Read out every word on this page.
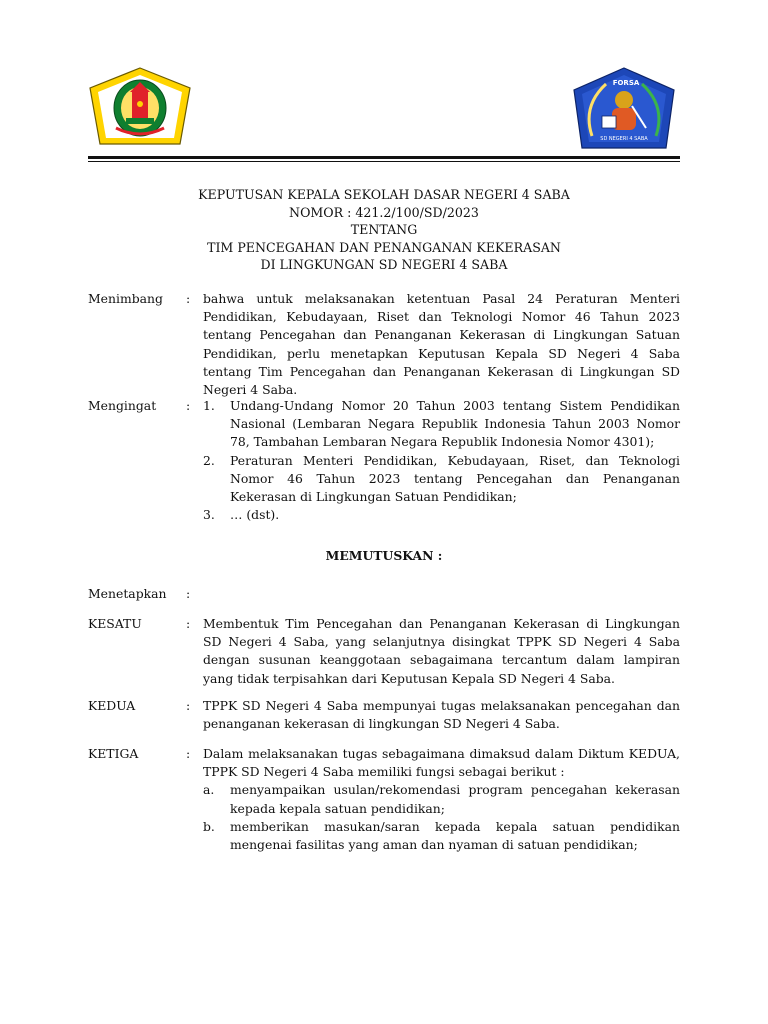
FORSA
SD NEGERI 4 SABA
KEPUTUSAN KEPALA SEKOLAH DASAR NEGERI 4 SABA
NOMOR : 421.2/100/SD/2023
TENTANG
TIM PENCEGAHAN DAN PENANGANAN KEKERASAN
DI LINGKUNGAN SD NEGERI 4 SABA
Menimbang : bahwa untuk melaksanakan ketentuan Pasal 24 Peraturan Menteri Pendidikan, Kebudayaan, Riset dan Teknologi Nomor 46 Tahun 2023 tentang Pencegahan dan Penanganan Kekerasan di Lingkungan Satuan Pendidikan, perlu menetapkan Keputusan Kepala SD Negeri 4 Saba tentang Tim Pencegahan dan Penanganan Kekerasan di Lingkungan SD Negeri 4 Saba.

Mengingat : 1. Undang-Undang Nomor 20 Tahun 2003 tentang Sistem Pendidikan Nasional (Lembaran Negara Republik Indonesia Tahun 2003 Nomor 78, Tambahan Lembaran Negara Republik Indonesia Nomor 4301);
2. Peraturan Menteri Pendidikan, Kebudayaan, Riset, dan Teknologi Nomor 46 Tahun 2023 tentang Pencegahan dan Penanganan Kekerasan di Lingkungan Satuan Pendidikan;
3. … (dst).
MEMUTUSKAN :
Menetapkan :
KESATU	: Membentuk Tim Pencegahan dan Penanganan Kekerasan di Lingkungan SD Negeri 4 Saba, yang selanjutnya disingkat TPPK SD Negeri 4 Saba dengan susunan keanggotaan sebagaimana tercantum dalam lampiran yang tidak terpisahkan dari Keputusan Kepala SD Negeri 4 Saba.

KEDUA	: TPPK SD Negeri 4 Saba mempunyai tugas melaksanakan pencegahan dan penanganan kekerasan di lingkungan SD Negeri 4 Saba.

KETIGA	: Dalam melaksanakan tugas sebagaimana dimaksud dalam Diktum KEDUA, TPPK SD Negeri 4 Saba memiliki fungsi sebagai berikut :

a. menyampaikan usulan/rekomendasi program pencegahan kekerasan kepada kepala satuan pendidikan;
b. memberikan masukan/saran kepada kepala satuan pendidikan mengenai fasilitas yang aman dan nyaman di satuan pendidikan;
